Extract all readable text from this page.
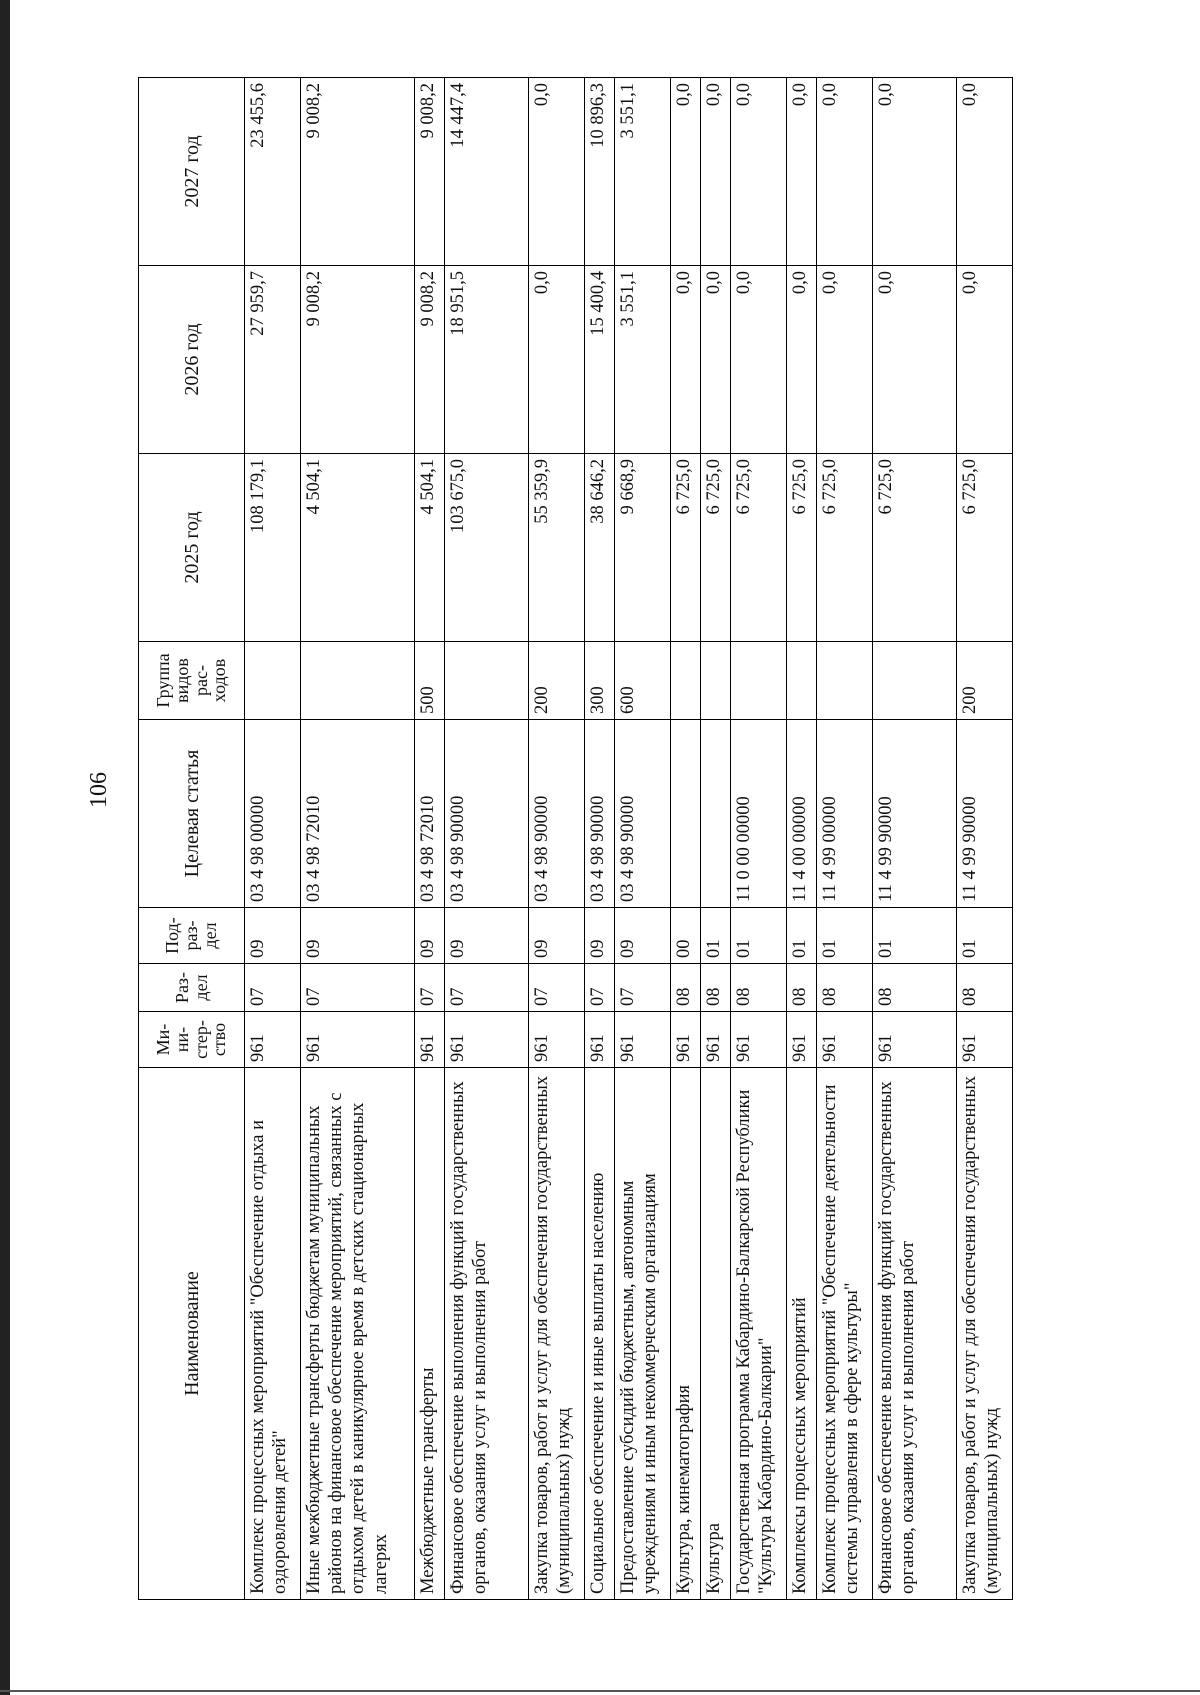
106
Наименование	Ми-
ни-
стер-
ство	Раз-
дел	Под-
раз-
дел	Целевая статья	Группа
видов
рас-
ходов	2025 год	2026 год	2027 год
Комплекс процессных мероприятий "Обеспечение отдыха и оздоровления детей"	961	07	09	03 4 98 00000		108 179,1	27 959,7	23 455,6
Иные межбюджетные трансферты бюджетам муниципальных районов на финансовое обеспечение мероприятий, связанных с отдыхом детей в каникулярное время в детских стационарных лагерях	961	07	09	03 4 98 72010		4 504,1	9 008,2	9 008,2
Межбюджетные трансферты	961	07	09	03 4 98 72010	500	4 504,1	9 008,2	9 008,2
Финансовое обеспечение выполнения функций государственных органов, оказания услуг и выполнения работ	961	07	09	03 4 98 90000		103 675,0	18 951,5	14 447,4
Закупка товаров, работ и услуг для обеспечения государственных (муниципальных) нужд	961	07	09	03 4 98 90000	200	55 359,9	0,0	0,0
Социальное обеспечение и иные выплаты населению	961	07	09	03 4 98 90000	300	38 646,2	15 400,4	10 896,3
Предоставление субсидий бюджетным, автономным учреждениям и иным некоммерческим организациям	961	07	09	03 4 98 90000	600	9 668,9	3 551,1	3 551,1
Культура, кинематография	961	08	00			6 725,0	0,0	0,0
Культура	961	08	01			6 725,0	0,0	0,0
Государственная программа Кабардино-Балкарской Республики "Культура Кабардино-Балкарии"	961	08	01	11 0 00 00000		6 725,0	0,0	0,0
Комплексы процессных мероприятий	961	08	01	11 4 00 00000		6 725,0	0,0	0,0
Комплекс процессных мероприятий "Обеспечение деятельности системы управления в сфере культуры"	961	08	01	11 4 99 00000		6 725,0	0,0	0,0
Финансовое обеспечение выполнения функций государственных органов, оказания услуг и выполнения работ	961	08	01	11 4 99 90000		6 725,0	0,0	0,0
Закупка товаров, работ и услуг для обеспечения государственных (муниципальных) нужд	961	08	01	11 4 99 90000	200	6 725,0	0,0	0,0
